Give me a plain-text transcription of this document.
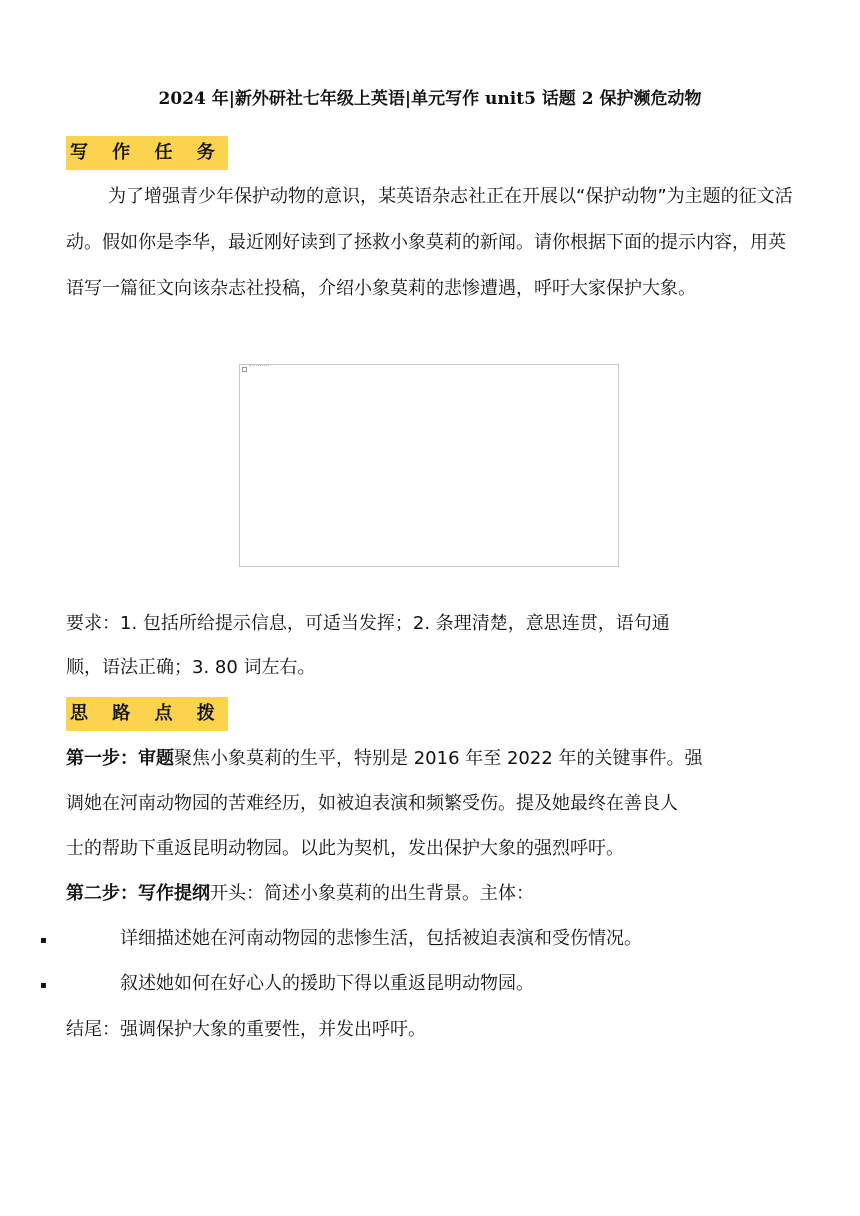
2024 年|新外研社七年级上英语|单元写作 unit5 话题 2 保护濒危动物
写 作 任 务
为了增强青少年保护动物的意识，某英语杂志社正在开展以“保护动物”为主题的征文活动。假如你是李华，最近刚好读到了拯救小象莫莉的新闻。请你根据下面的提示内容，用英语写一篇征文向该杂志社投稿，介绍小象莫莉的悲惨遭遇，呼吁大家保护大象。
要求：1. 包括所给提示信息，可适当发挥；2. 条理清楚，意思连贯，语句通
顺，语法正确；3. 80 词左右。
思 路 点 拨
第一步：审题聚焦小象莫莉的生平，特别是 2016 年至 2022 年的关键事件。强
调她在河南动物园的苦难经历，如被迫表演和频繁受伤。提及她最终在善良人
士的帮助下重返昆明动物园。以此为契机，发出保护大象的强烈呼吁。
第二步：写作提纲开头：简述小象莫莉的出生背景。主体：
▪	详细描述她在河南动物园的悲惨生活，包括被迫表演和受伤情况。
▪	叙述她如何在好心人的援助下得以重返昆明动物园。
结尾：强调保护大象的重要性，并发出呼吁。
